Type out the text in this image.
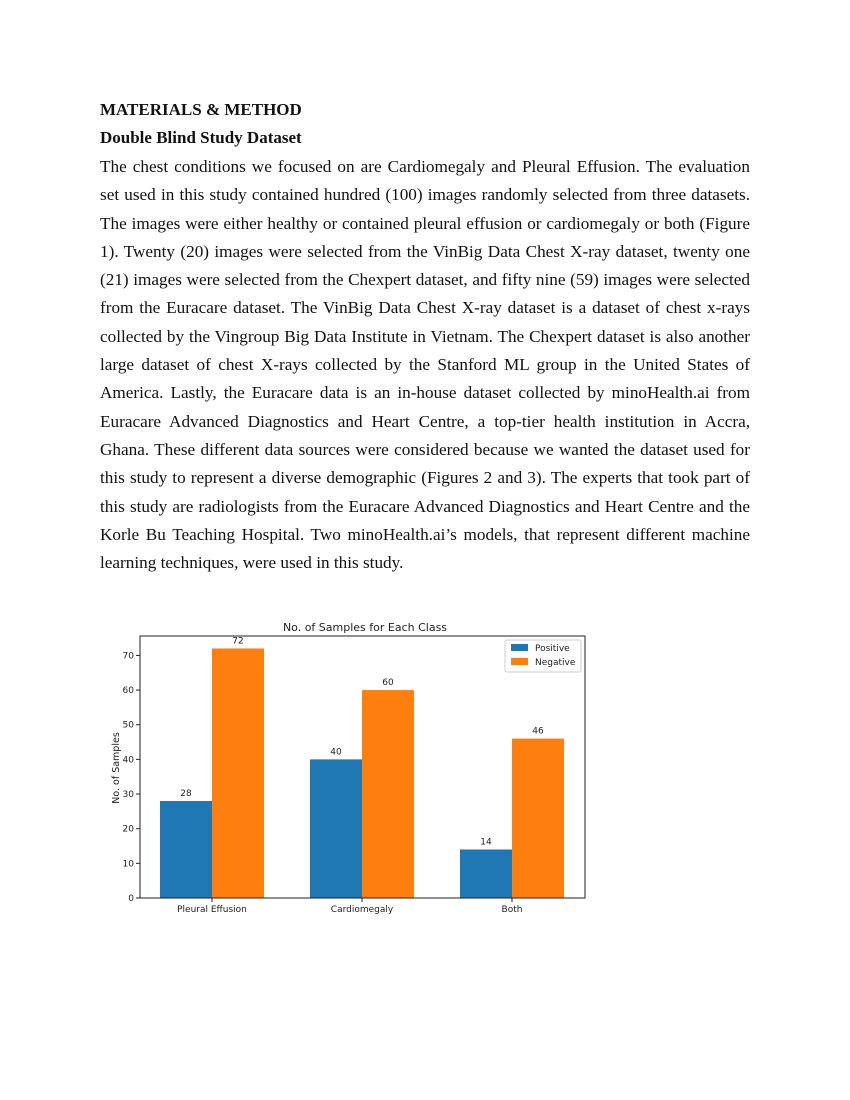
MATERIALS & METHOD
Double Blind Study Dataset

The chest conditions we focused on are Cardiomegaly and Pleural Effusion. The evaluation set used in this study contained hundred (100) images randomly selected from three datasets. The images were either healthy or contained pleural effusion or cardiomegaly or both (Figure 1). Twenty (20) images were selected from the VinBig Data Chest X-ray dataset, twenty one (21) images were selected from the Chexpert dataset, and fifty nine (59) images were selected from the Euracare dataset. The VinBig Data Chest X-ray dataset is a dataset of chest x-rays collected by the Vingroup Big Data Institute in Vietnam. The Chexpert dataset is also another large dataset of chest X-rays collected by the Stanford ML group in the United States of America. Lastly, the Euracare data is an in-house dataset collected by minoHealth.ai from Euracare Advanced Diagnostics and Heart Centre, a top-tier health institution in Accra, Ghana. These different data sources were considered because we wanted the dataset used for this study to represent a diverse demographic (Figures 2 and 3). The experts that took part of this study are radiologists from the Euracare Advanced Diagnostics and Heart Centre and the Korle Bu Teaching Hospital. Two minoHealth.ai’s models, that represent different machine learning techniques, were used in this study.

No. of Samples for Each Class
No. of Samples	28
72
40
60
14
46
0
10
20
30
40
50
60
70
Pleural Effusion	Cardiomegaly	Both
Positive
Negative
